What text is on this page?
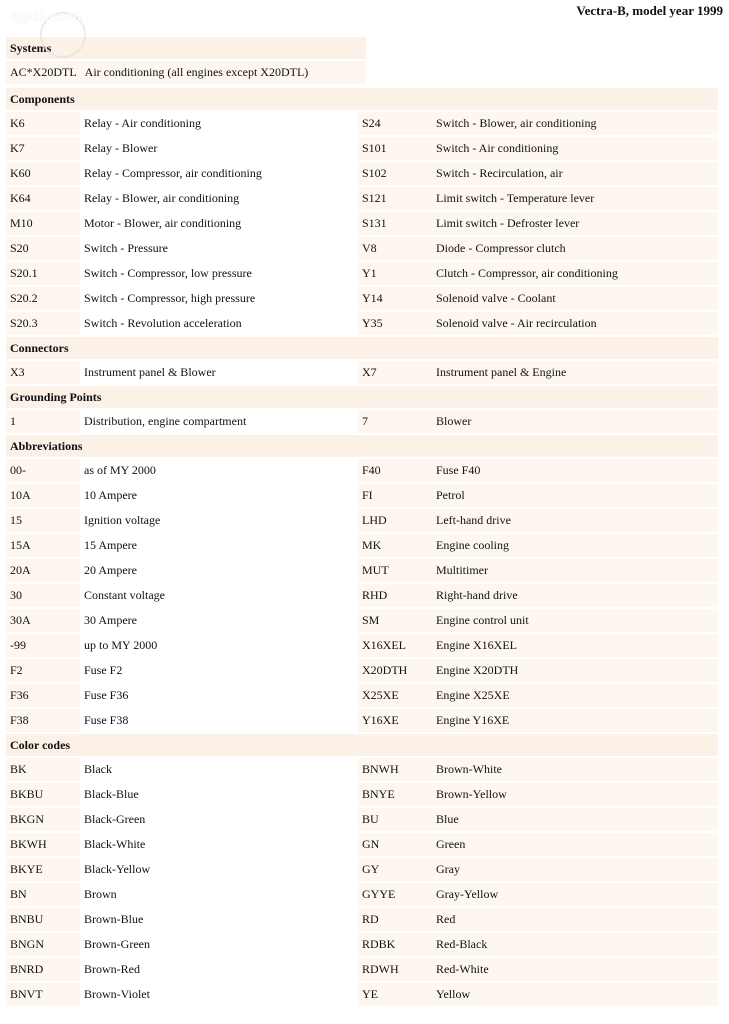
Vectra-B, model year 1999
opel.com
Systems
AC*X20DTL	Air conditioning (all engines except X20DTL)
Components			
K6	Relay - Air conditioning	S24	Switch - Blower, air conditioning
K7	Relay - Blower	S101	Switch - Air conditioning
K60	Relay - Compressor, air conditioning	S102	Switch - Recirculation, air
K64	Relay - Blower, air conditioning	S121	Limit switch - Temperature lever
M10	Motor - Blower, air conditioning	S131	Limit switch - Defroster lever
S20	Switch - Pressure	V8	Diode - Compressor clutch
S20.1	Switch - Compressor, low pressure	Y1	Clutch - Compressor, air conditioning
S20.2	Switch - Compressor, high pressure	Y14	Solenoid valve - Coolant
S20.3	Switch - Revolution acceleration	Y35	Solenoid valve - Air recirculation
Connectors			
X3	Instrument panel & Blower	X7	Instrument panel & Engine
Grounding Points			
1	Distribution, engine compartment	7	Blower
Abbreviations			
00-	as of MY 2000	F40	Fuse F40
10A	10 Ampere	FI	Petrol
15	Ignition voltage	LHD	Left-hand drive
15A	15 Ampere	MK	Engine cooling
20A	20 Ampere	MUT	Multitimer
30	Constant voltage	RHD	Right-hand drive
30A	30 Ampere	SM	Engine control unit
-99	up to MY 2000	X16XEL	Engine X16XEL
F2	Fuse F2	X20DTH	Engine X20DTH
F36	Fuse F36	X25XE	Engine X25XE
F38	Fuse F38	Y16XE	Engine Y16XE
Color codes			
BK	Black	BNWH	Brown-White
BKBU	Black-Blue	BNYE	Brown-Yellow
BKGN	Black-Green	BU	Blue
BKWH	Black-White	GN	Green
BKYE	Black-Yellow	GY	Gray
BN	Brown	GYYE	Gray-Yellow
BNBU	Brown-Blue	RD	Red
BNGN	Brown-Green	RDBK	Red-Black
BNRD	Brown-Red	RDWH	Red-White
BNVT	Brown-Violet	YE	Yellow
